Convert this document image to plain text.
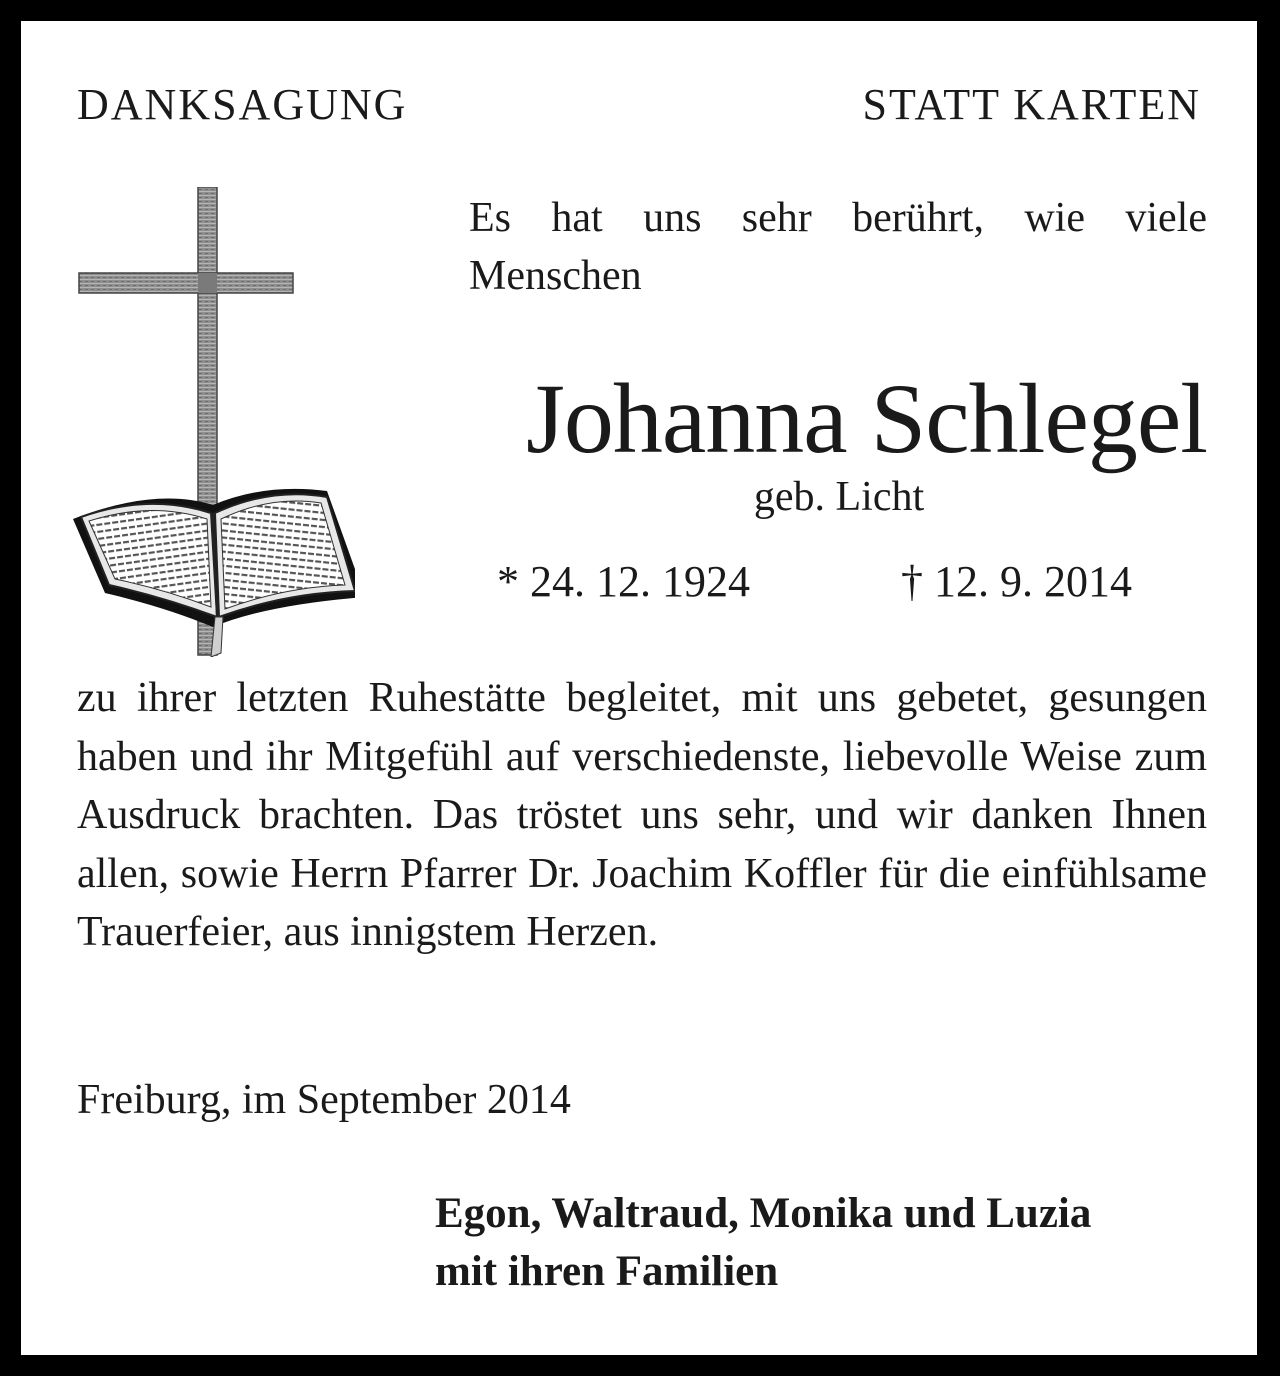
DANKSAGUNG	STATT KARTEN
Es hat uns sehr berührt, wie viele Menschen
Johanna Schlegel
geb. Licht
* 24. 12. 1924	† 12. 9. 2014
zu ihrer letzten Ruhestätte begleitet, mit uns gebetet, gesungen haben und ihr Mitgefühl auf verschiedenste, liebevolle Weise zum Ausdruck brachten. Das tröstet uns sehr, und wir danken Ihnen allen, sowie Herrn Pfarrer Dr. Joachim Koffler für die einfühlsame Trauerfeier, aus innigstem Herzen.
Freiburg, im September 2014
Egon, Waltraud, Monika und Luzia
mit ihren Familien
